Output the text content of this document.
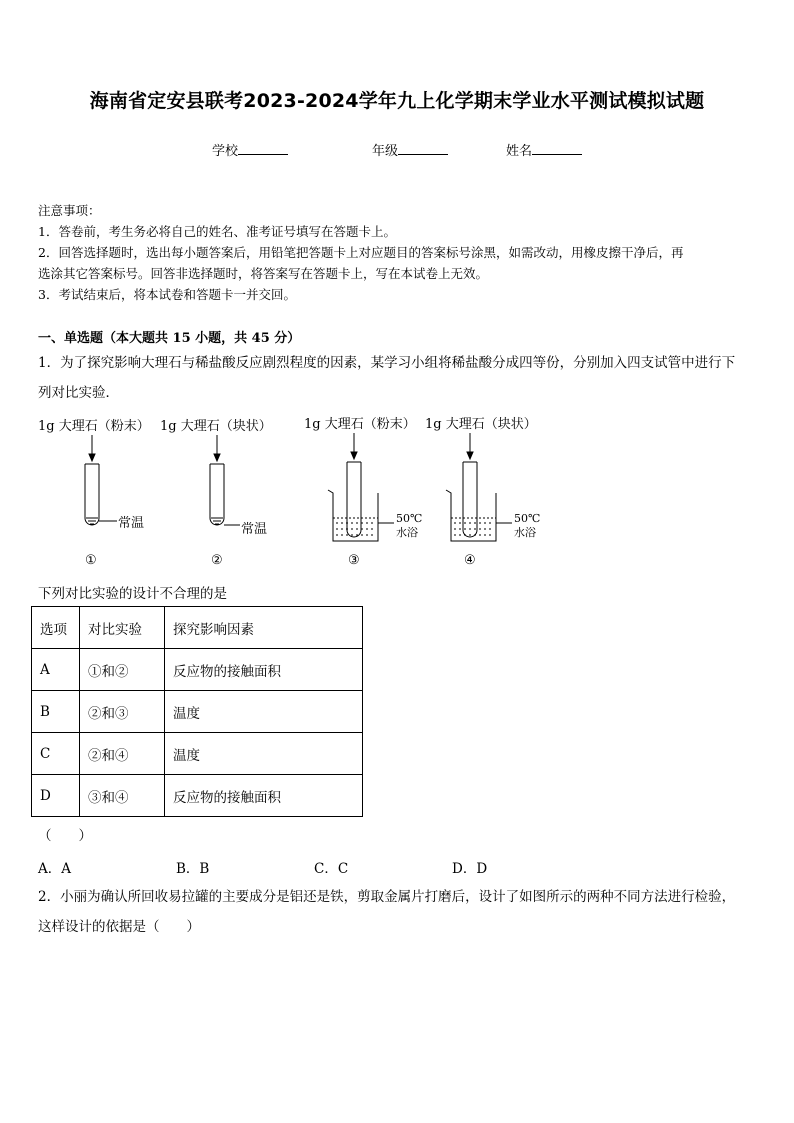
海南省定安县联考2023-2024学年九上化学期末学业水平测试模拟试题
学校	年级	姓名
注意事项：
1．答卷前，考生务必将自己的姓名、准考证号填写在答题卡上。
2．回答选择题时，选出每小题答案后，用铅笔把答题卡上对应题目的答案标号涂黑，如需改动，用橡皮擦干净后，再
选涂其它答案标号。回答非选择题时，将答案写在答题卡上，写在本试卷上无效。
3．考试结束后，将本试卷和答题卡一并交回。
一、单选题（本大题共 15 小题，共 45 分）
1．为了探究影响大理石与稀盐酸反应剧烈程度的因素，某学习小组将稀盐酸分成四等份，分别加入四支试管中进行下
列对比实验．
1g 大理石（粉末） 1g 大理石（块状） 1g 大理石（粉末） 1g 大理石（块状）
常温	常温
50℃
水浴
50℃
水浴
①	②	③	④
下列对比实验的设计不合理的是
选项	对比实验	探究影响因素
A	①和②	反应物的接触面积
B	②和③	温度
C	②和④	温度
D	③和④	反应物的接触面积
（　　）
A．A	B．B	C．C	D．D
2．小丽为确认所回收易拉罐的主要成分是铝还是铁，剪取金属片打磨后，设计了如图所示的两种不同方法进行检验，
这样设计的依据是（　　）
